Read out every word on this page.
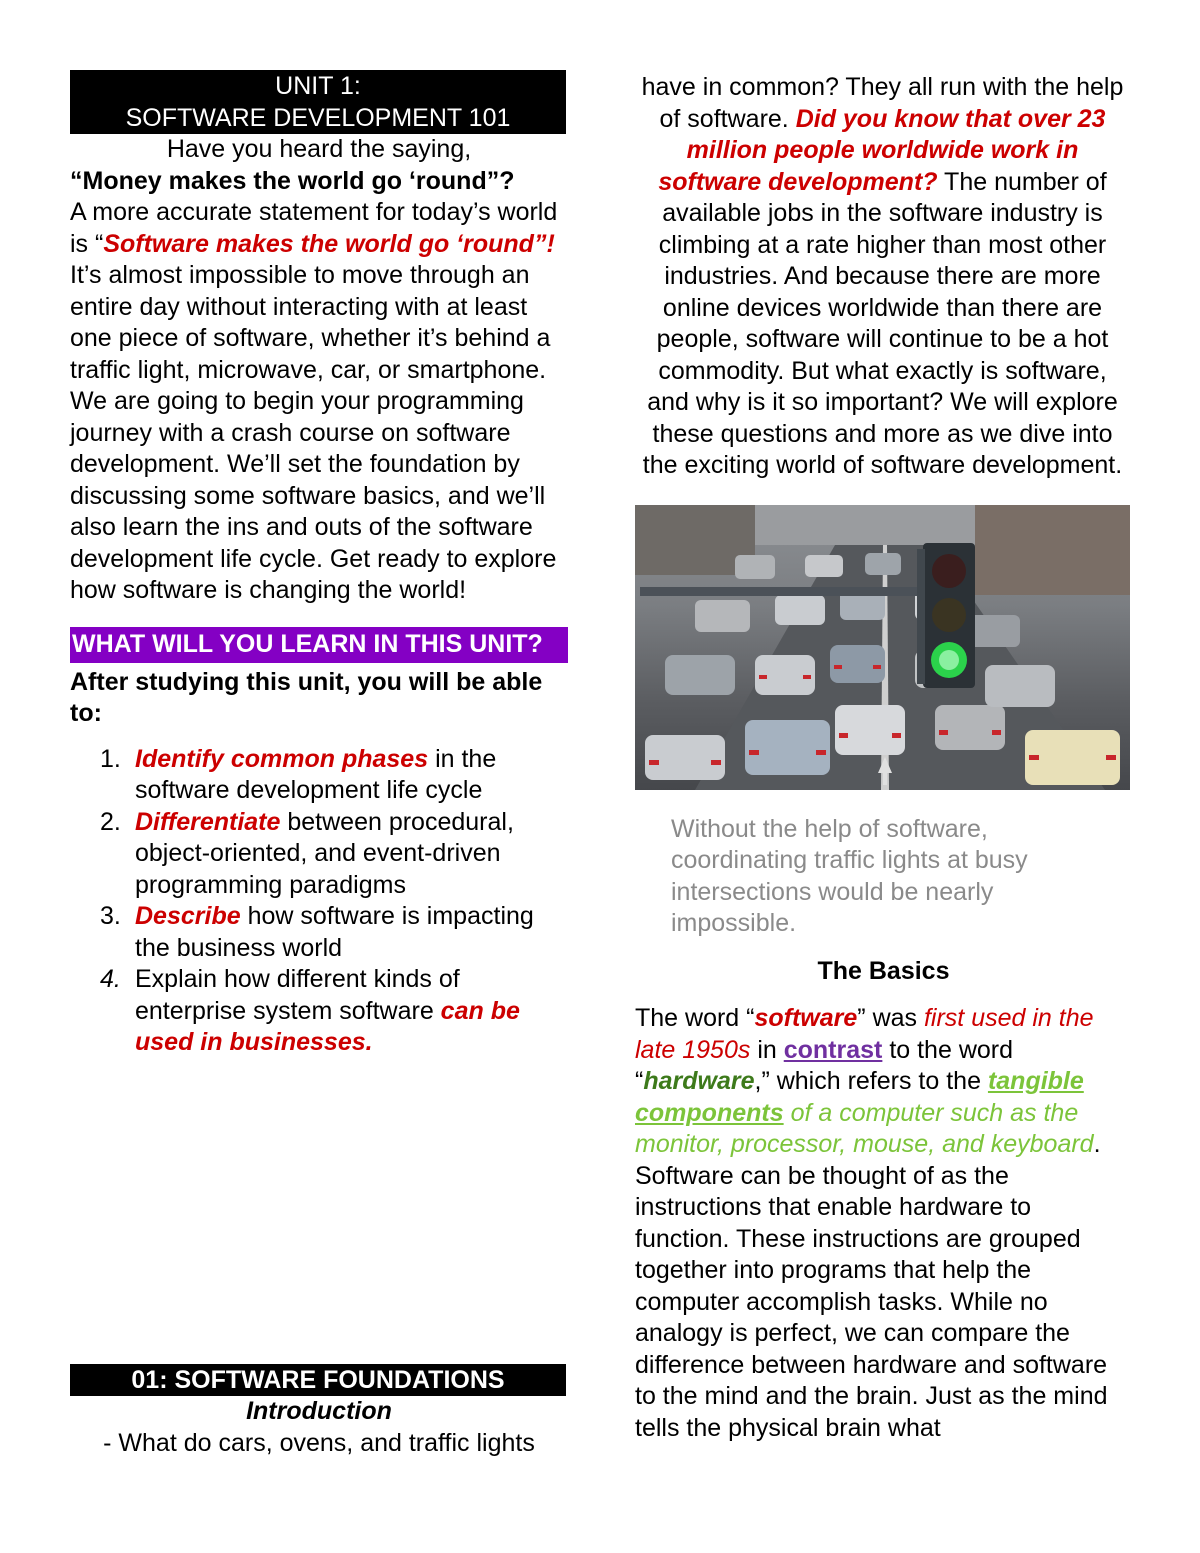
UNIT 1:
SOFTWARE DEVELOPMENT 101
Have you heard the saying,
“Money makes the world go ‘round”?
A more accurate statement for today’s world is “Software makes the world go ‘round”! It’s almost impossible to move through an entire day without interacting with at least one piece of software, whether it’s behind a traffic light, microwave, car, or smartphone. We are going to begin your programming journey with a crash course on software development. We’ll set the foundation by discussing some software basics, and we’ll also learn the ins and outs of the software development life cycle. Get ready to explore how software is changing the world!
WHAT WILL YOU LEARN IN THIS UNIT?
After studying this unit, you will be able to:
1. Identify common phases in the software development life cycle
2. Differentiate between procedural, object-oriented, and event-driven programming paradigms
3. Describe how software is impacting the business world
4. Explain how different kinds of enterprise system software can be used in businesses.
01: SOFTWARE FOUNDATIONS
Introduction
- What do cars, ovens, and traffic lights
have in common? They all run with the help of software. Did you know that over 23 million people worldwide work in software development? The number of available jobs in the software industry is climbing at a rate higher than most other industries. And because there are more online devices worldwide than there are people, software will continue to be a hot commodity. But what exactly is software, and why is it so important? We will explore these questions and more as we dive into the exciting world of software development.
Without the help of software, coordinating traffic lights at busy intersections would be nearly impossible.
The Basics
The word “software” was first used in the late 1950s in contrast to the word “hardware,” which refers to the tangible components of a computer such as the monitor, processor, mouse, and keyboard. Software can be thought of as the instructions that enable hardware to function. These instructions are grouped together into programs that help the computer accomplish tasks. While no analogy is perfect, we can compare the difference between hardware and software to the mind and the brain. Just as the mind tells the physical brain what
